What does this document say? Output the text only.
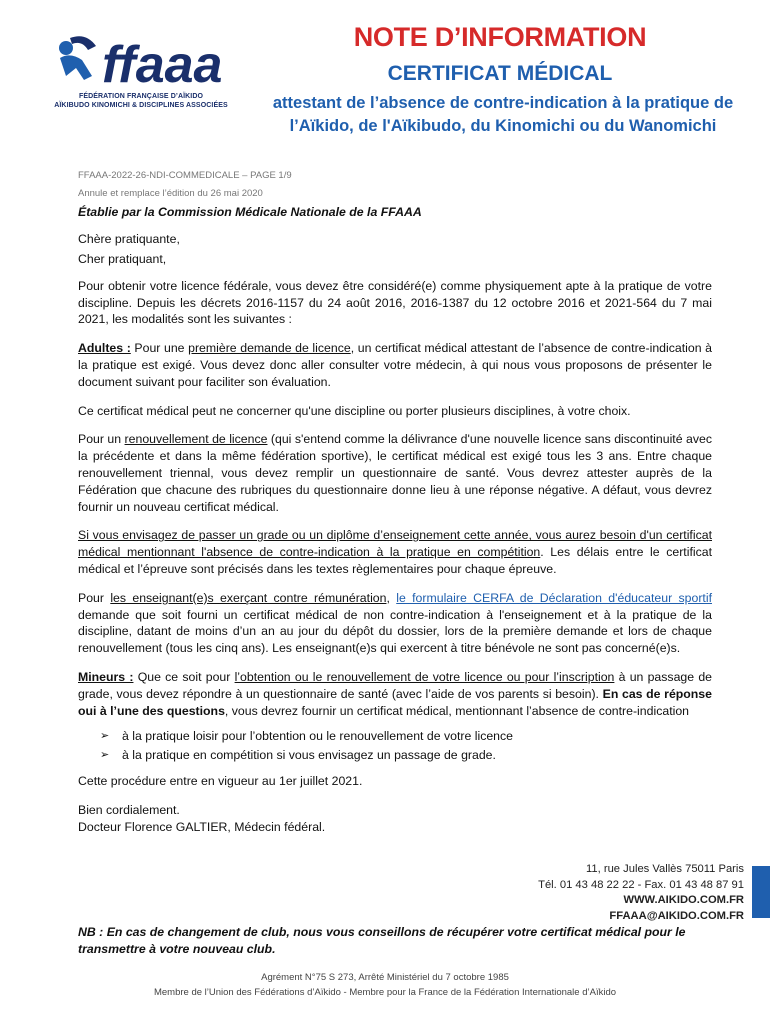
ffaaa
FÉDÉRATION FRANÇAISE D’AÏKIDO
AÏKIBUDO KINOMICHI & DISCIPLINES ASSOCIÉES
NOTE D’INFORMATION
CERTIFICAT MÉDICAL
attestant de l’absence de contre-indication à la pratique de l’Aïkido, de l'Aïkibudo, du Kinomichi ou du Wanomichi
FFAAA-2022-26-NDI-COMMEDICALE – PAGE 1/9
Annule et remplace l’édition du 26 mai 2020
Établie par la Commission Médicale Nationale de la FFAAA
Chère pratiquante,
Cher pratiquant,

Pour obtenir votre licence fédérale, vous devez être considéré(e) comme physiquement apte à la pratique de votre discipline. Depuis les décrets 2016-1157 du 24 août 2016, 2016-1387 du 12 octobre 2016 et 2021-564 du 7 mai 2021, les modalités sont les suivantes :

Adultes : Pour une première demande de licence, un certificat médical attestant de l’absence de contre-indication à la pratique est exigé. Vous devez donc aller consulter votre médecin, à qui nous vous proposons de présenter le document suivant pour faciliter son évaluation.

Ce certificat médical peut ne concerner qu'une discipline ou porter plusieurs disciplines, à votre choix.

Pour un renouvellement de licence (qui s'entend comme la délivrance d'une nouvelle licence sans discontinuité avec la précédente et dans la même fédération sportive), le certificat médical est exigé tous les 3 ans. Entre chaque renouvellement triennal, vous devez remplir un questionnaire de santé. Vous devrez attester auprès de la Fédération que chacune des rubriques du questionnaire donne lieu à une réponse négative. A défaut, vous devrez fournir un nouveau certificat médical.

Si vous envisagez de passer un grade ou un diplôme d’enseignement cette année, vous aurez besoin d'un certificat médical mentionnant l'absence de contre-indication à la pratique en compétition. Les délais entre le certificat médical et l’épreuve sont précisés dans les textes règlementaires pour chaque épreuve.

Pour les enseignant(e)s exerçant contre rémunération, le formulaire CERFA de Déclaration d'éducateur sportif demande que soit fourni un certificat médical de non contre-indication à l'enseignement et à la pratique de la discipline, datant de moins d’un an au jour du dépôt du dossier, lors de la première demande et lors de chaque renouvellement (tous les cinq ans). Les enseignant(e)s qui exercent à titre bénévole ne sont pas concerné(e)s.

Mineurs : Que ce soit pour l’obtention ou le renouvellement de votre licence ou pour l’inscription à un passage de grade, vous devez répondre à un questionnaire de santé (avec l’aide de vos parents si besoin). En cas de réponse oui à l’une des questions, vous devrez fournir un certificat médical, mentionnant l’absence de contre-indication

➢ à la pratique loisir pour l’obtention ou le renouvellement de votre licence
➢ à la pratique en compétition si vous envisagez un passage de grade.

Cette procédure entre en vigueur au 1er juillet 2021.

Bien cordialement.
Docteur Florence GALTIER, Médecin fédéral.
11, rue Jules Vallès 75011 Paris
Tél. 01 43 48 22 22 - Fax. 01 43 48 87 91
WWW.AIKIDO.COM.FR
FFAAA@AIKIDO.COM.FR
NB : En cas de changement de club, nous vous conseillons de récupérer votre certificat médical pour le transmettre à votre nouveau club.
Agrément N°75 S 273, Arrêté Ministériel du 7 octobre 1985
Membre de l’Union des Fédérations d’Aïkido - Membre pour la France de la Fédération Internationale d’Aïkido
